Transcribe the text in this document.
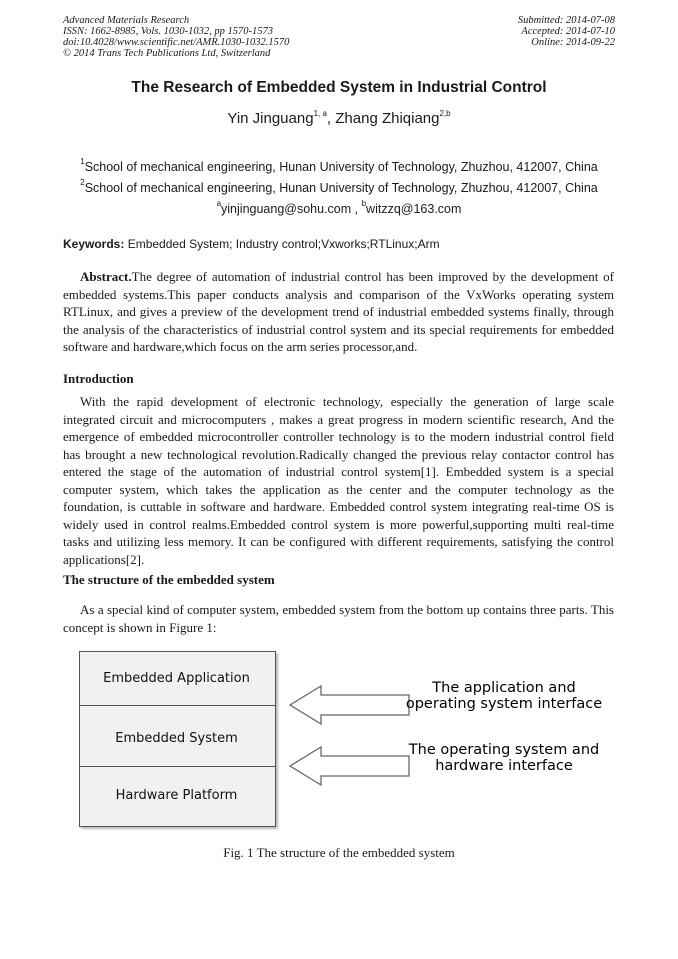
Advanced Materials Research
ISSN: 1662-8985, Vols. 1030-1032, pp 1570-1573
doi:10.4028/www.scientific.net/AMR.1030-1032.1570
© 2014 Trans Tech Publications Ltd, Switzerland
Submitted: 2014-07-08
Accepted: 2014-07-10
Online: 2014-09-22
The Research of Embedded System in Industrial Control
Yin Jinguang$^{1, a}$, Zhang Zhiqiang$^{2,b}$
$^1$School of mechanical engineering, Hunan University of Technology, Zhuzhou, 412007, China
$^2$School of mechanical engineering, Hunan University of Technology, Zhuzhou, 412007, China
$^a$yinjinguang@sohu.com , $^b$witzzq@163.com
Keywords: Embedded System; Industry control;Vxworks;RTLinux;Arm
Abstract.The degree of automation of industrial control has been improved by the development of embedded systems.This paper conducts analysis and comparison of the VxWorks operating system RTLinux, and gives a preview of the development trend of industrial embedded systems finally, through the analysis of the characteristics of industrial control system and its special requirements for embedded software and hardware,which focus on the arm series processor,and.
Introduction
With the rapid development of electronic technology, especially the generation of large scale integrated circuit and microcomputers , makes a great progress in modern scientific research, And the emergence of embedded microcontroller controller technology is to the modern industrial control field has brought a new technological revolution.Radically changed the previous relay contactor control has entered the stage of the automation of industrial control system[1]. Embedded system is a special computer system, which takes the application as the center and the computer technology as the foundation, is cuttable in software and hardware. Embedded control system integrating real-time OS is widely used in control realms.Embedded control system is more powerful,supporting multi real-time tasks and utilizing less memory. It can be configured with different requirements, satisfying the control applications[2].
The structure of the embedded system
As a special kind of computer system, embedded system from the bottom up contains three parts. This concept is shown in Figure 1:
Embedded Application
Embedded System
Hardware Platform
The application and operating system interface
The operating system and hardware interface
Fig. 1 The structure of the embedded system
